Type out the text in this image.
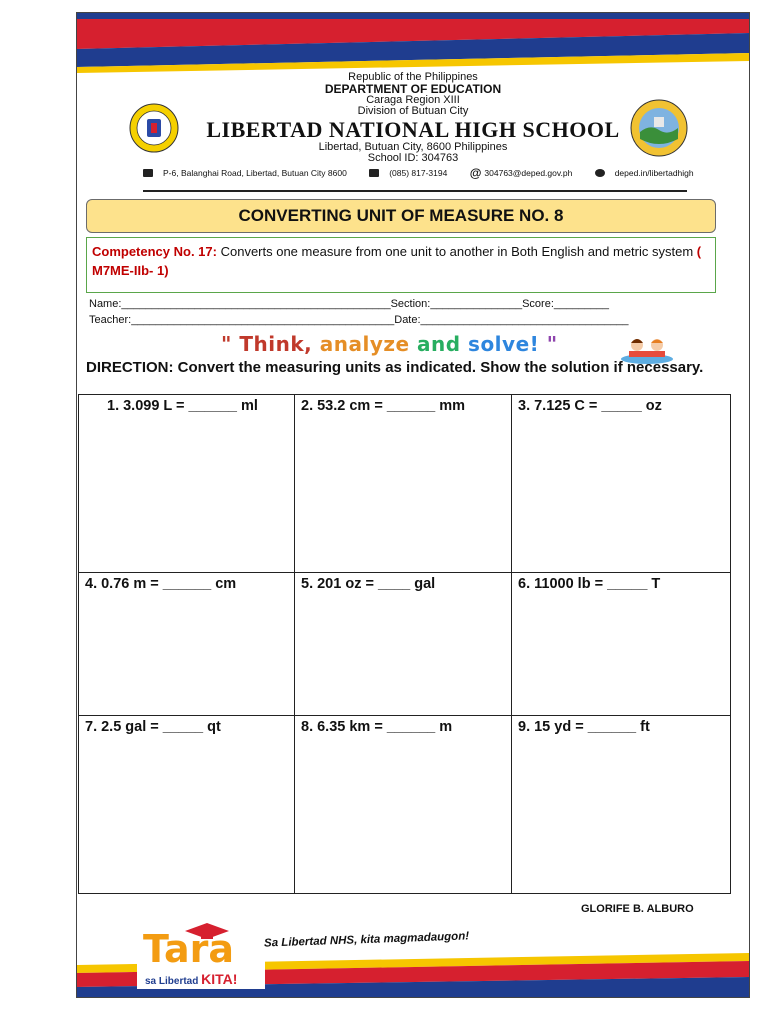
Republic of the Philippines
DEPARTMENT OF EDUCATION
Caraga Region XIII
Division of Butuan City
LIBERTAD NATIONAL HIGH SCHOOL
Libertad, Butuan City, 8600 Philippines
School ID: 304763
P-6, Balanghai Road, Libertad, Butuan City 8600	(085) 817-3194 @ 304763@deped.gov.ph	deped.in/libertadhigh
CONVERTING UNIT OF MEASURE NO. 8
Competency No. 17: Converts one measure from one unit to another in Both English and metric system ( M7ME-IIb- 1)
Name:____________________________________________Section:_______________Score:_________
Teacher:___________________________________________Date:__________________________________
" Think, analyze and solve! "
DIRECTION: Convert the measuring units as indicated. Show the solution if necessary.
1. 3.099 L = ______ ml	2. 53.2 cm = ______ mm	3. 7.125 C = _____ oz
4. 0.76 m = ______ cm	5. 201 oz = ____ gal	6. 11000 lb = _____ T
7. 2.5 gal = _____ qt	8. 6.35 km = ______ m	9. 15 yd = ______ ft
GLORIFE B. ALBURO
Tara
sa Libertad KITA!
Sa Libertad NHS, kita magmadaugon!
